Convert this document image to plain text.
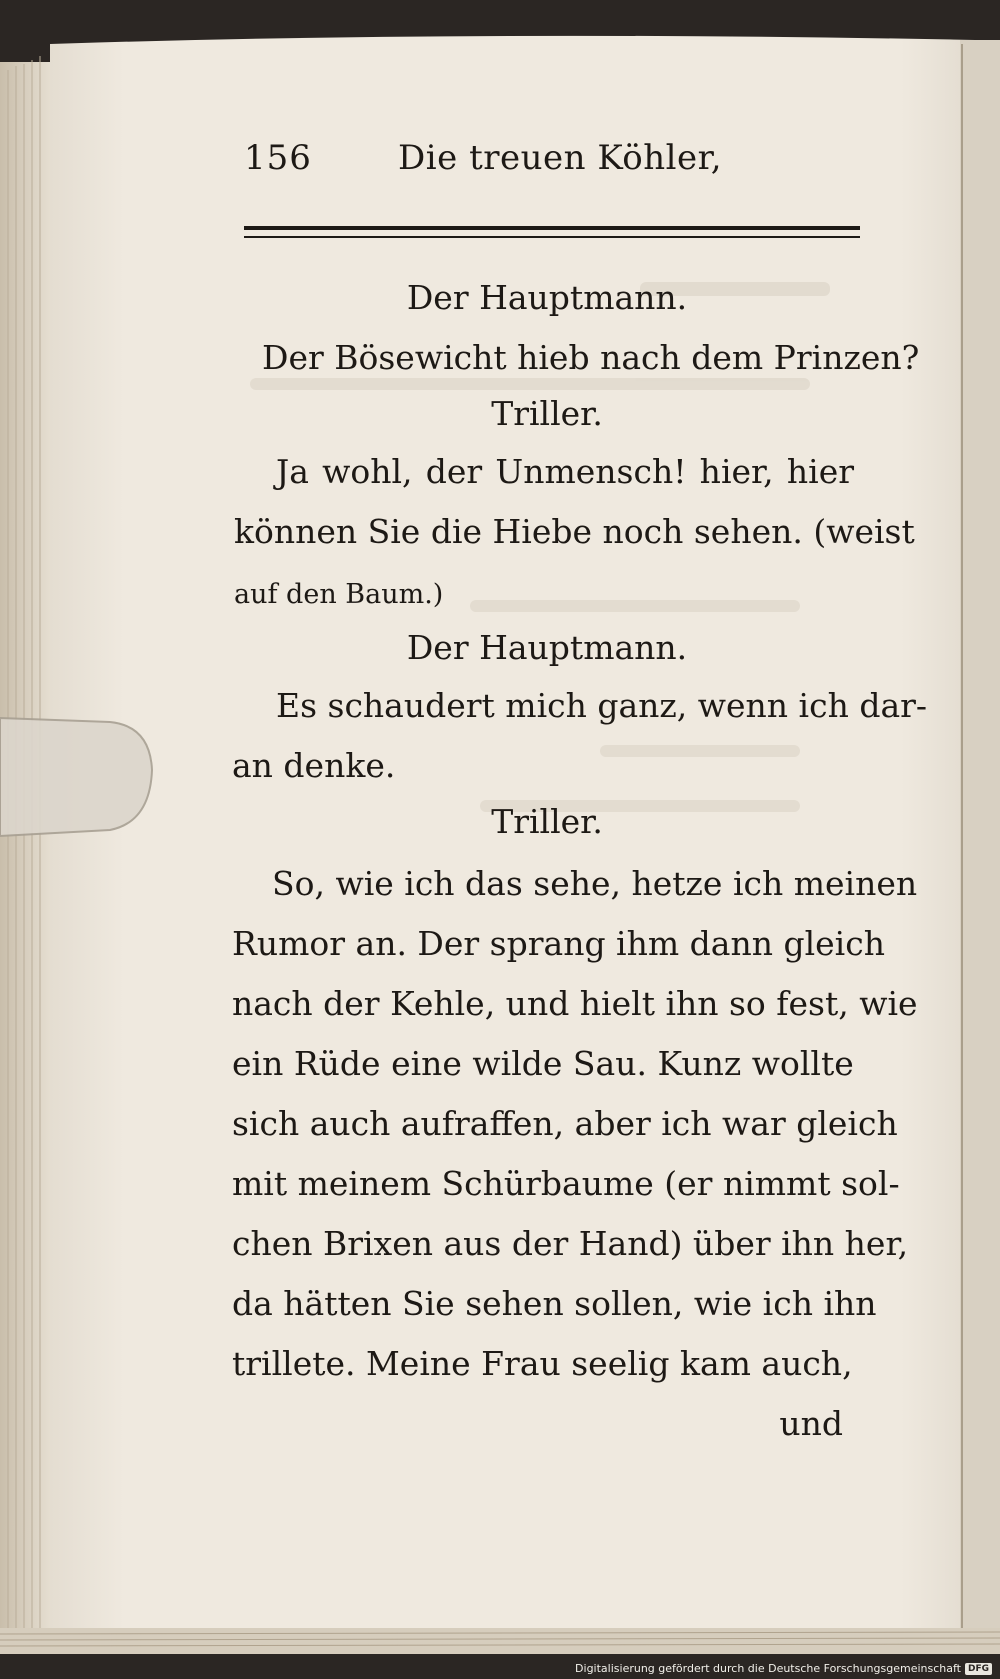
156	Die treuen Köhler,
Der Hauptmann.
Der Bösewicht hieb nach dem Prinzen?
Triller.
Ja wohl, der Unmensch! hier, hier
können Sie die Hiebe noch sehen. (weist
auf den Baum.)
Der Hauptmann.
Es schaudert mich ganz, wenn ich dar-
an denke.
Triller.
So, wie ich das sehe, hetze ich meinen
Rumor an. Der sprang ihm dann gleich
nach der Kehle, und hielt ihn so fest, wie
ein Rüde eine wilde Sau. Kunz wollte
sich auch aufraffen, aber ich war gleich
mit meinem Schürbaume (er nimmt sol-
chen Brixen aus der Hand) über ihn her,
da hätten Sie sehen sollen, wie ich ihn
trillete. Meine Frau seelig kam auch,
und
Digitalisierung gefördert durch die Deutsche Forschungsgemeinschaft DFG
